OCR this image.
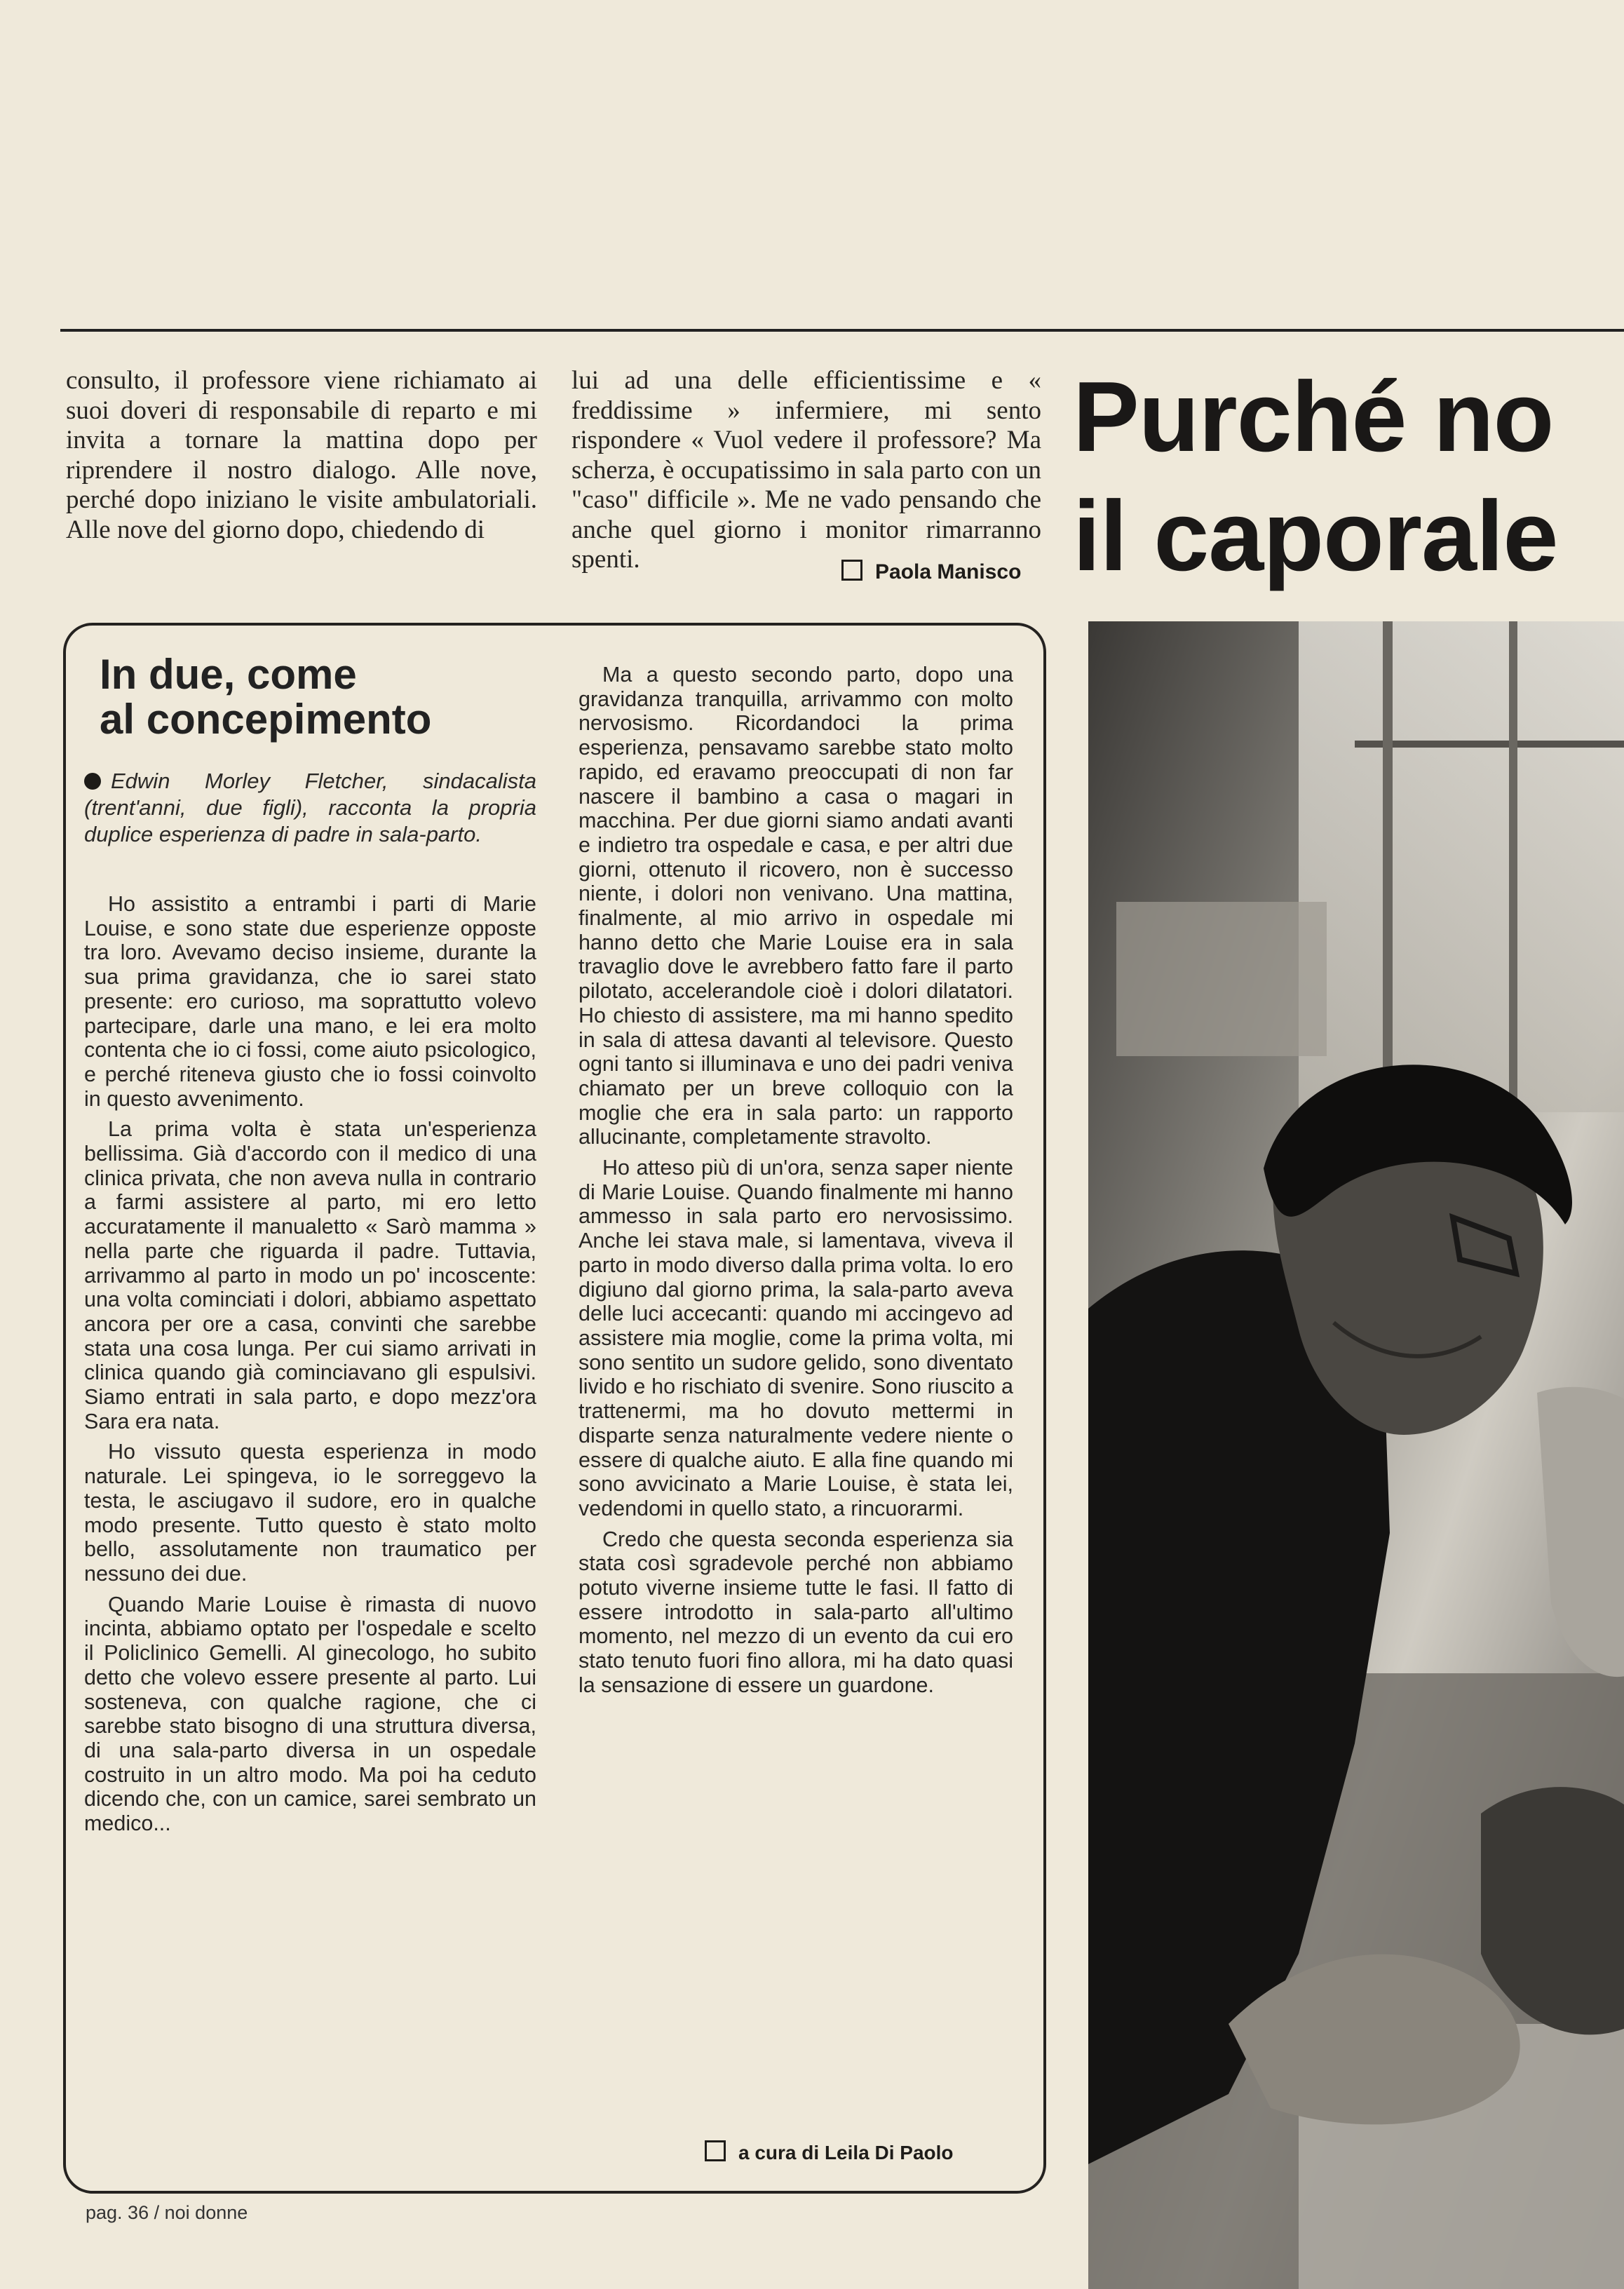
consulto, il professore viene richiamato ai suoi doveri di responsabile di reparto e mi invita a tornare la mattina dopo per riprendere il nostro dialogo. Alle nove, perché dopo iniziano le visite ambulatoriali. Alle nove del giorno dopo, chiedendo di

lui ad una delle efficientissime e « freddissime » infermiere, mi sento rispondere « Vuol vedere il professore? Ma scherza, è occupatissimo in sala parto con un "caso" difficile ». Me ne vado pensando che anche quel giorno i monitor rimarranno spenti.	Paola Manisco
Purché no
il caporale
In due, come
al concepimento

Edwin Morley Fletcher, sindacalista (trent'anni, due figli), racconta la propria duplice esperienza di padre in sala-parto.

Ho assistito a entrambi i parti di Marie Louise, e sono state due esperienze opposte tra loro. Avevamo deciso insieme, durante la sua prima gravidanza, che io sarei stato presente: ero curioso, ma soprattutto volevo partecipare, darle una mano, e lei era molto contenta che io ci fossi, come aiuto psicologico, e perché riteneva giusto che io fossi coinvolto in questo avvenimento.

La prima volta è stata un'esperienza bellissima. Già d'accordo con il medico di una clinica privata, che non aveva nulla in contrario a farmi assistere al parto, mi ero letto accuratamente il manualetto « Sarò mamma » nella parte che riguarda il padre. Tuttavia, arrivammo al parto in modo un po' incoscente: una volta cominciati i dolori, abbiamo aspettato ancora per ore a casa, convinti che sarebbe stata una cosa lunga. Per cui siamo arrivati in clinica quando già cominciavano gli espulsivi. Siamo entrati in sala parto, e dopo mezz'ora Sara era nata.

Ho vissuto questa esperienza in modo naturale. Lei spingeva, io le sorreggevo la testa, le asciugavo il sudore, ero in qualche modo presente. Tutto questo è stato molto bello, assolutamente non traumatico per nessuno dei due.

Quando Marie Louise è rimasta di nuovo incinta, abbiamo optato per l'ospedale e scelto il Policlinico Gemelli. Al ginecologo, ho subito detto che volevo essere presente al parto. Lui sosteneva, con qualche ragione, che ci sarebbe stato bisogno di una struttura diversa, di una sala-parto diversa in un ospedale costruito in un altro modo. Ma poi ha ceduto dicendo che, con un camice, sarei sembrato un medico...

Ma a questo secondo parto, dopo una gravidanza tranquilla, arrivammo con molto nervosismo. Ricordandoci la prima esperienza, pensavamo sarebbe stato molto rapido, ed eravamo preoccupati di non far nascere il bambino a casa o magari in macchina. Per due giorni siamo andati avanti e indietro tra ospedale e casa, e per altri due giorni, ottenuto il ricovero, non è successo niente, i dolori non venivano. Una mattina, finalmente, al mio arrivo in ospedale mi hanno detto che Marie Louise era in sala travaglio dove le avrebbero fatto fare il parto pilotato, accelerandole cioè i dolori dilatatori. Ho chiesto di assistere, ma mi hanno spedito in sala di attesa davanti al televisore. Questo ogni tanto si illuminava e uno dei padri veniva chiamato per un breve colloquio con la moglie che era in sala parto: un rapporto allucinante, completamente stravolto.

Ho atteso più di un'ora, senza saper niente di Marie Louise. Quando finalmente mi hanno ammesso in sala parto ero nervosissimo. Anche lei stava male, si lamentava, viveva il parto in modo diverso dalla prima volta. Io ero digiuno dal giorno prima, la sala-parto aveva delle luci accecanti: quando mi accingevo ad assistere mia moglie, come la prima volta, mi sono sentito un sudore gelido, sono diventato livido e ho rischiato di svenire. Sono riuscito a trattenermi, ma ho dovuto mettermi in disparte senza naturalmente vedere niente o essere di qualche aiuto. E alla fine quando mi sono avvicinato a Marie Louise, è stata lei, vedendomi in quello stato, a rincuorarmi.

Credo che questa seconda esperienza sia stata così sgradevole perché non abbiamo potuto viverne insieme tutte le fasi. Il fatto di essere introdotto in sala-parto all'ultimo momento, nel mezzo di un evento da cui ero stato tenuto fuori fino allora, mi ha dato quasi la sensazione di essere un guardone.

a cura di Leila Di Paolo
pag. 36 / noi donne
